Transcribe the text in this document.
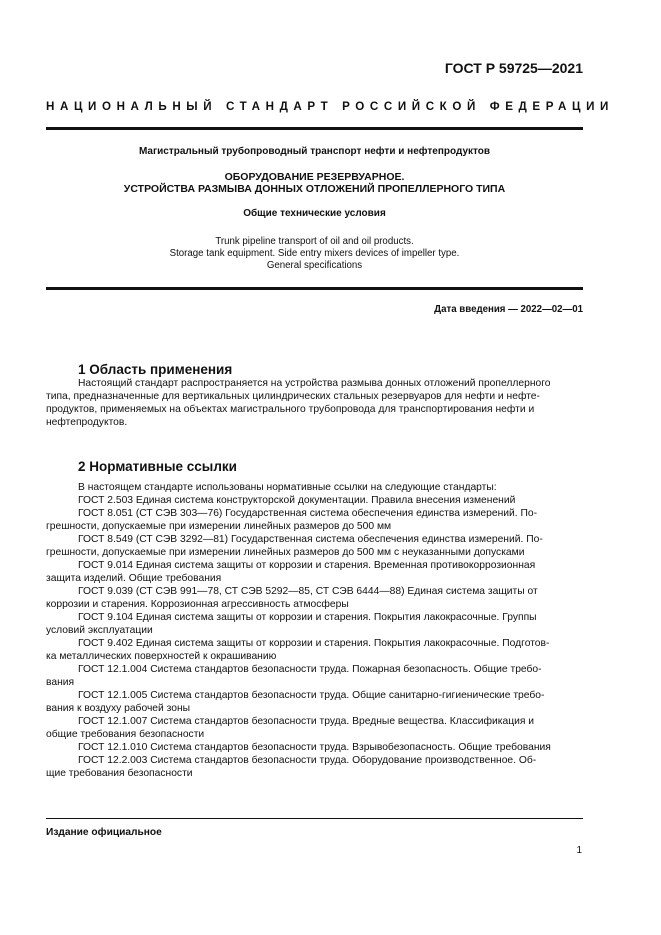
ГОСТ Р 59725—2021
НАЦИОНАЛЬНЫЙ СТАНДАРТ РОССИЙСКОЙ ФЕДЕРАЦИИ
Магистральный трубопроводный транспорт нефти и нефтепродуктов
ОБОРУДОВАНИЕ РЕЗЕРВУАРНОЕ.
УСТРОЙСТВА РАЗМЫВА ДОННЫХ ОТЛОЖЕНИЙ ПРОПЕЛЛЕРНОГО ТИПА
Общие технические условия
Trunk pipeline transport of oil and oil products.
Storage tank equipment. Side entry mixers devices of impeller type.
General specifications
Дата введения — 2022—02—01
1 Область применения
Настоящий стандарт распространяется на устройства размыва донных отложений пропеллерного
типа, предназначенные для вертикальных цилиндрических стальных резервуаров для нефти и нефте-
продуктов, применяемых на объектах магистрального трубопровода для транспортирования нефти и
нефтепродуктов.
2 Нормативные ссылки
В настоящем стандарте использованы нормативные ссылки на следующие стандарты:
ГОСТ 2.503 Единая система конструкторской документации. Правила внесения изменений
ГОСТ 8.051 (СТ СЭВ 303—76) Государственная система обеспечения единства измерений. По-
грешности, допускаемые при измерении линейных размеров до 500 мм
ГОСТ 8.549 (СТ СЭВ 3292—81) Государственная система обеспечения единства измерений. По-
грешности, допускаемые при измерении линейных размеров до 500 мм с неуказанными допусками
ГОСТ 9.014 Единая система защиты от коррозии и старения. Временная противокоррозионная
защита изделий. Общие требования
ГОСТ 9.039 (СТ СЭВ 991—78, СТ СЭВ 5292—85, СТ СЭВ 6444—88) Единая система защиты от
коррозии и старения. Коррозионная агрессивность атмосферы
ГОСТ 9.104 Единая система защиты от коррозии и старения. Покрытия лакокрасочные. Группы
условий эксплуатации
ГОСТ 9.402 Единая система защиты от коррозии и старения. Покрытия лакокрасочные. Подготов-
ка металлических поверхностей к окрашиванию
ГОСТ 12.1.004 Система стандартов безопасности труда. Пожарная безопасность. Общие требо-
вания
ГОСТ 12.1.005 Система стандартов безопасности труда. Общие санитарно-гигиенические требо-
вания к воздуху рабочей зоны
ГОСТ 12.1.007 Система стандартов безопасности труда. Вредные вещества. Классификация и
общие требования безопасности
ГОСТ 12.1.010 Система стандартов безопасности труда. Взрывобезопасность. Общие требования
ГОСТ 12.2.003 Система стандартов безопасности труда. Оборудование производственное. Об-
щие требования безопасности
Издание официальное
1
